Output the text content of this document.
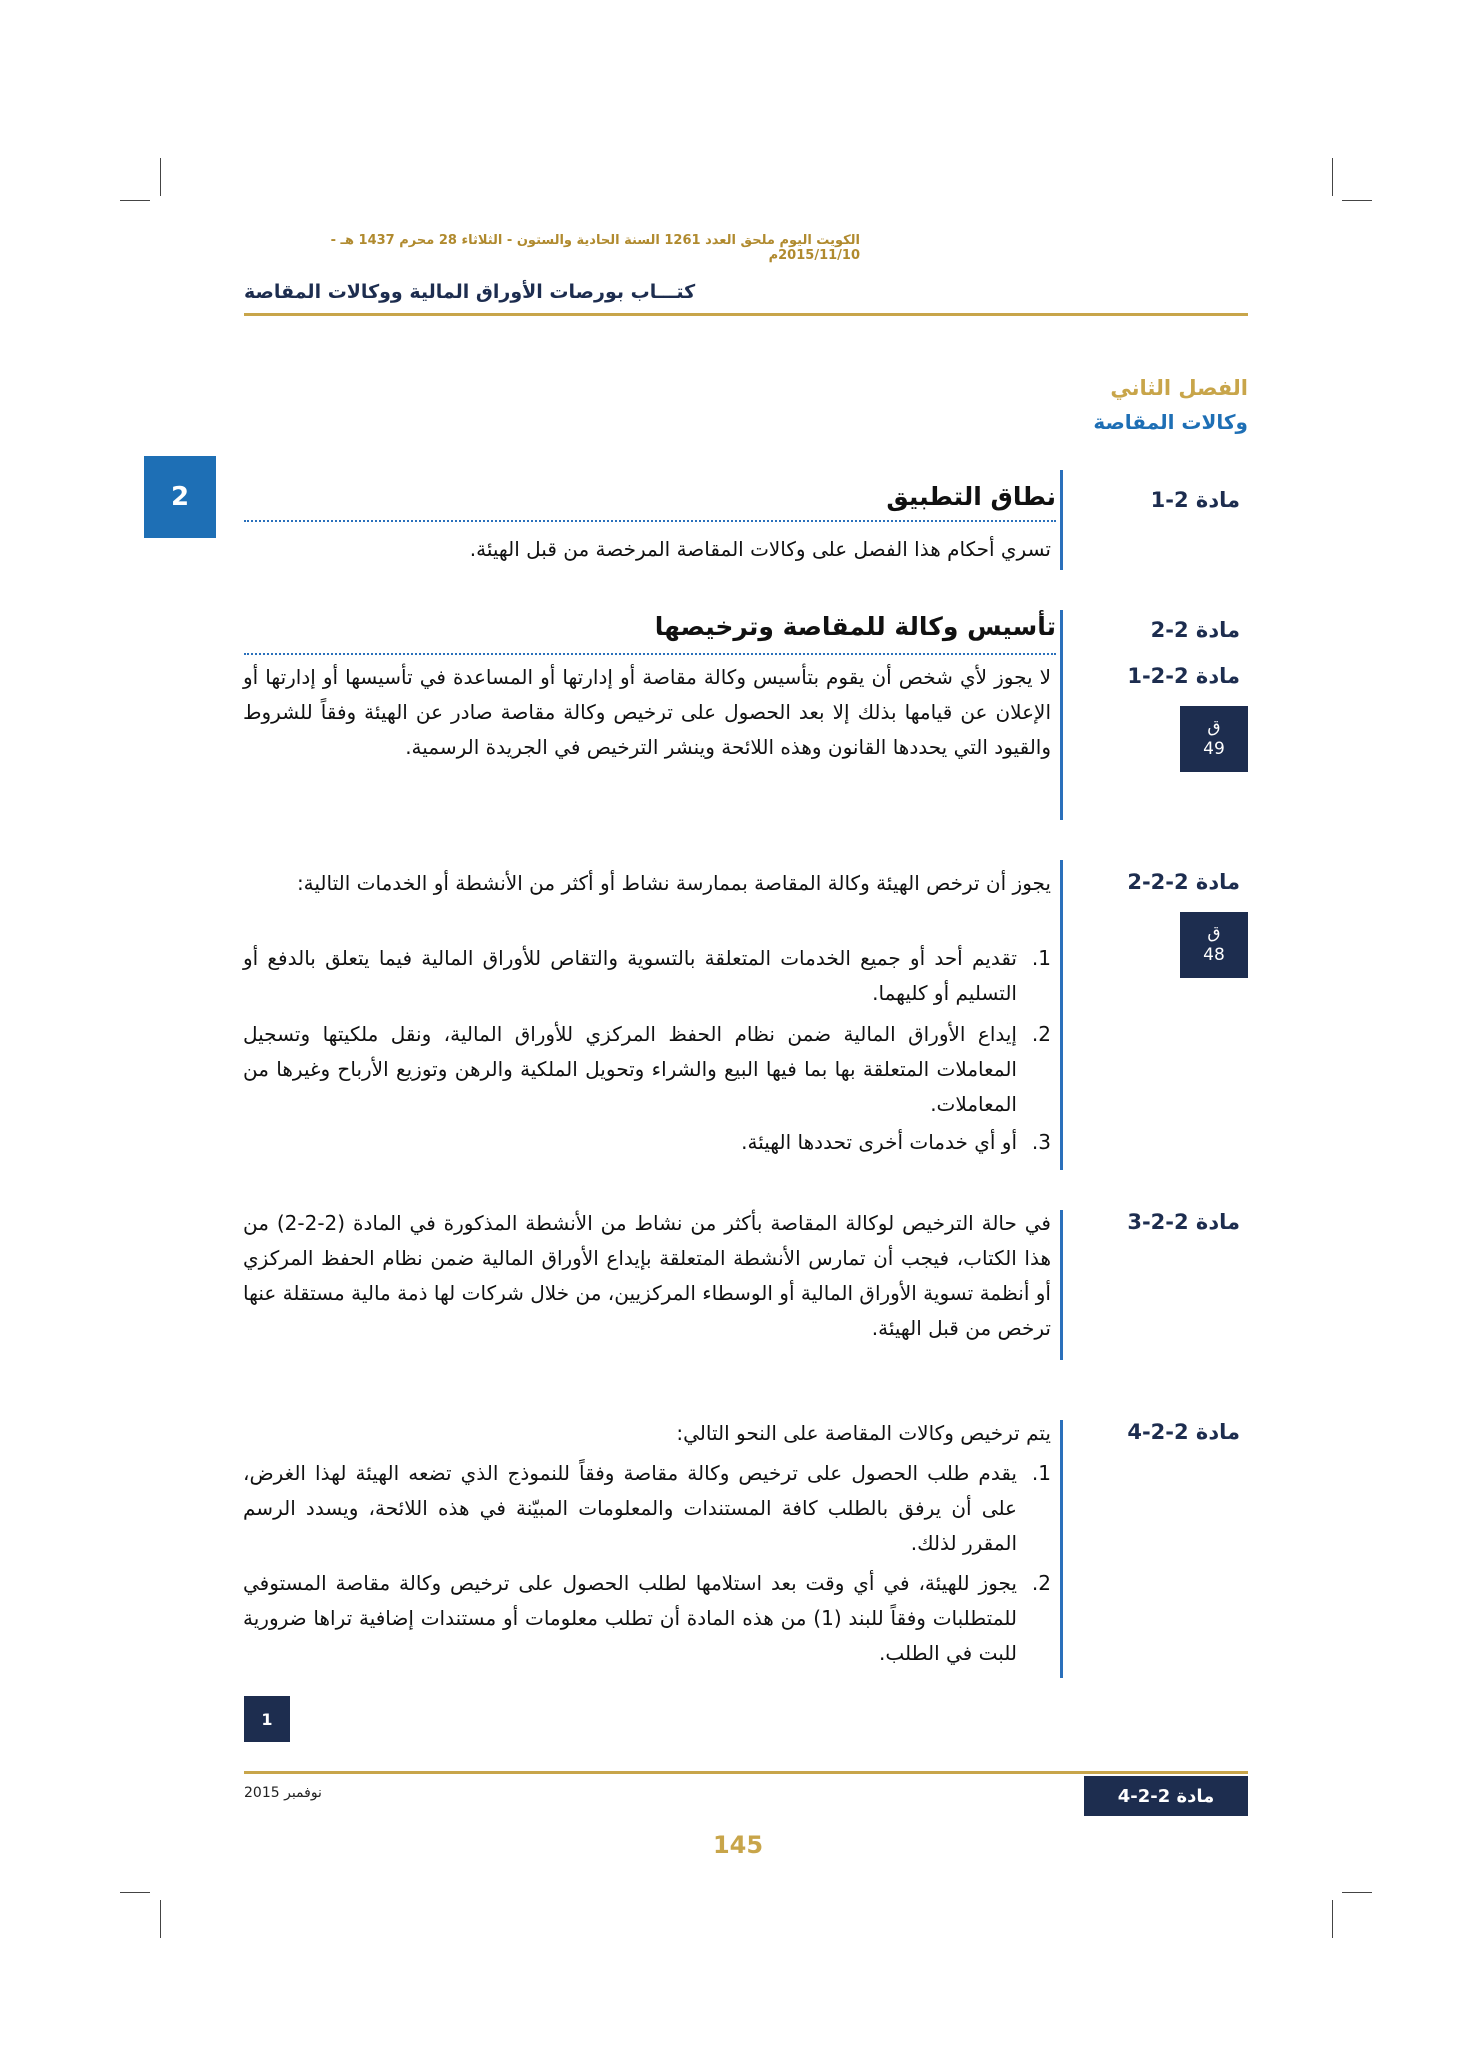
الكويت اليوم ملحق العدد 1261 السنة الحادية والستون - الثلاثاء 28 محرم 1437 هـ - 2015/11/10م
كتـــاب بورصات الأوراق المالية ووكالات المقاصة
الفصل الثاني
وكالات المقاصة
2	مادة 2-1
نطاق التطبيق
تسري أحكام هذا الفصل على وكالات المقاصة المرخصة من قبل الهيئة.
مادة 2-2
تأسيس وكالة للمقاصة وترخيصها
مادة 2-2-1
لا يجوز لأي شخص أن يقوم بتأسيس وكالة مقاصة أو إدارتها أو المساعدة في تأسيسها أو إدارتها أو الإعلان عن قيامها بذلك إلا بعد الحصول على ترخيص وكالة مقاصة صادر عن الهيئة وفقاً للشروط والقيود التي يحددها القانون وهذه اللائحة وينشر الترخيص في الجريدة الرسمية.
ق
49
مادة 2-2-2
يجوز أن ترخص الهيئة وكالة المقاصة بممارسة نشاط أو أكثر من الأنشطة أو الخدمات التالية:
ق
48
1.
تقديم أحد أو جميع الخدمات المتعلقة بالتسوية والتقاص للأوراق المالية فيما يتعلق بالدفع أو التسليم أو كليهما.
2.
إيداع الأوراق المالية ضمن نظام الحفظ المركزي للأوراق المالية، ونقل ملكيتها وتسجيل المعاملات المتعلقة بها بما فيها البيع والشراء وتحويل الملكية والرهن وتوزيع الأرباح وغيرها من المعاملات.
3.
أو أي خدمات أخرى تحددها الهيئة.
مادة 2-2-3
في حالة الترخيص لوكالة المقاصة بأكثر من نشاط من الأنشطة المذكورة في المادة (2-2-2) من هذا الكتاب، فيجب أن تمارس الأنشطة المتعلقة بإيداع الأوراق المالية ضمن نظام الحفظ المركزي أو أنظمة تسوية الأوراق المالية أو الوسطاء المركزيين، من خلال شركات لها ذمة مالية مستقلة عنها ترخص من قبل الهيئة.
مادة 2-2-4
يتم ترخيص وكالات المقاصة على النحو التالي:
1.
يقدم طلب الحصول على ترخيص وكالة مقاصة وفقاً للنموذج الذي تضعه الهيئة لهذا الغرض، على أن يرفق بالطلب كافة المستندات والمعلومات المبيّنة في هذه اللائحة، ويسدد الرسم المقرر لذلك.
2.
يجوز للهيئة، في أي وقت بعد استلامها لطلب الحصول على ترخيص وكالة مقاصة المستوفي للمتطلبات وفقاً للبند (1) من هذه المادة أن تطلب معلومات أو مستندات إضافية تراها ضرورية للبت في الطلب.
1
نوفمبر 2015	مادة 2-2-4
145
